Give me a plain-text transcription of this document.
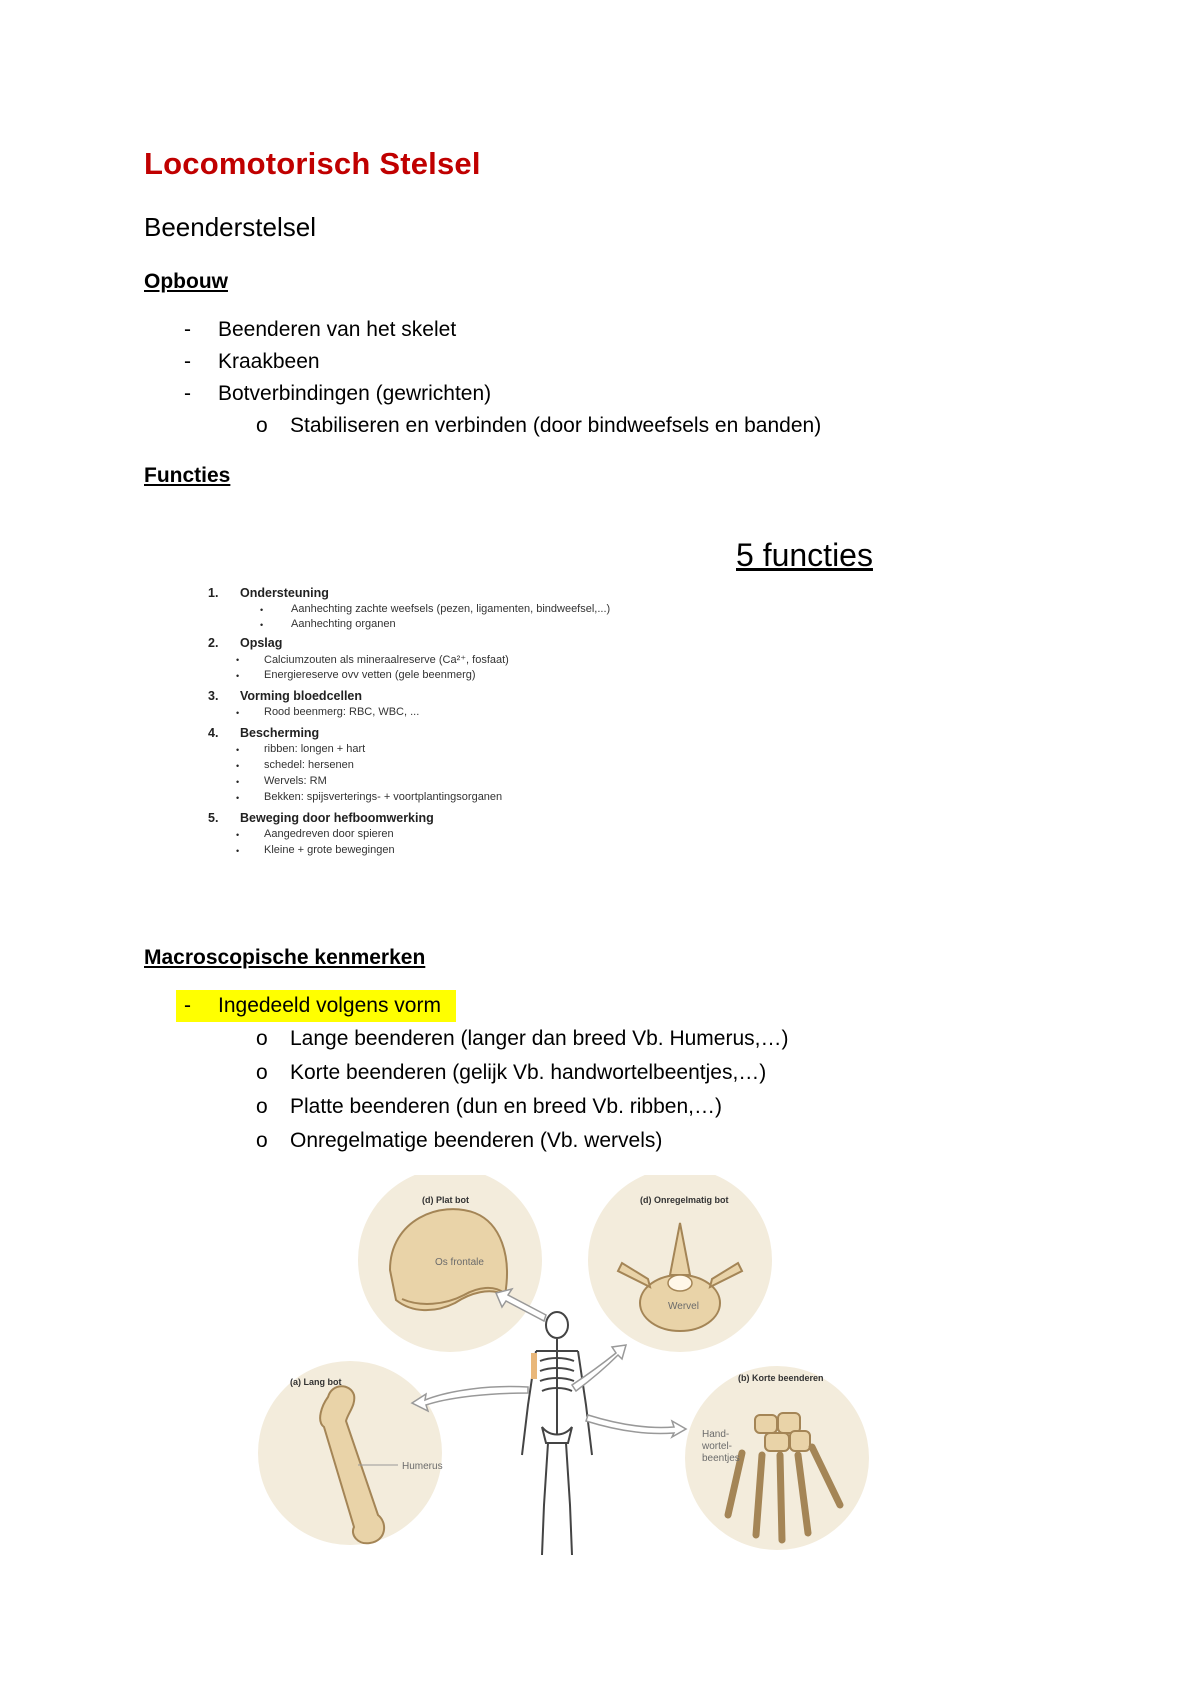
Locomotorisch Stelsel
Beenderstelsel
Opbouw
- Beenderen van het skelet
- Kraakbeen
- Botverbindingen (gewrichten)
o Stabiliseren en verbinden (door bindweefsels en banden)
Functies
5 functies
1. Ondersteuning
•	Aanhechting zachte weefsels (pezen, ligamenten, bindweefsel,...)
•	Aanhechting organen
2. Opslag
• Calciumzouten als mineraalreserve (Ca²⁺, fosfaat)
• Energiereserve ovv vetten (gele beenmerg)
3. Vorming bloedcellen
• Rood beenmerg: RBC, WBC, ...
4. Bescherming
• ribben: longen + hart
• schedel: hersenen
• Wervels: RM
• Bekken: spijsverterings- + voortplantingsorganen
5. Beweging door hefboomwerking
• Aangedreven door spieren
• Kleine + grote bewegingen
Macroscopische kenmerken
- Ingedeeld volgens vorm
o Lange beenderen (langer dan breed Vb. Humerus,…)
o Korte beenderen (gelijk Vb. handwortelbeentjes,…)
o Platte beenderen (dun en breed Vb. ribben,…)
o Onregelmatige beenderen (Vb. wervels)
(d) Plat bot
Os frontale
(d) Onregelmatig bot
Wervel
(a) Lang bot
Humerus
(b) Korte beenderen
Hand-
wortel-
beentjes
